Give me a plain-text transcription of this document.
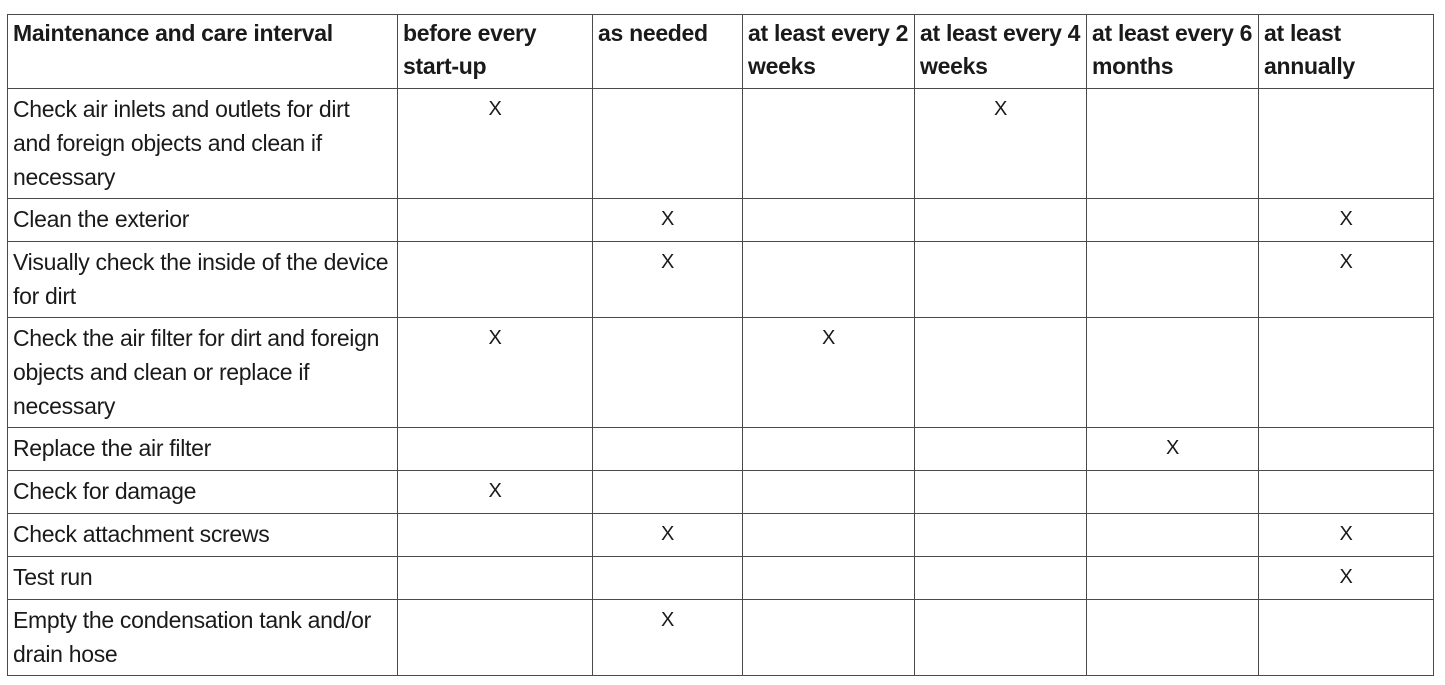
Maintenance and care interval	before every start-up	as needed	at least every 2 weeks	at least every 4 weeks	at least every 6 months	at least annually
Check air inlets and outlets for dirt and foreign objects and clean if necessary	X			X		
Clean the exterior		X				X
Visually check the inside of the device for dirt		X				X
Check the air filter for dirt and foreign objects and clean or replace if necessary	X		X			
Replace the air filter					X	
Check for damage	X					
Check attachment screws		X				X
Test run						X
Empty the condensation tank and/or drain hose		X				
